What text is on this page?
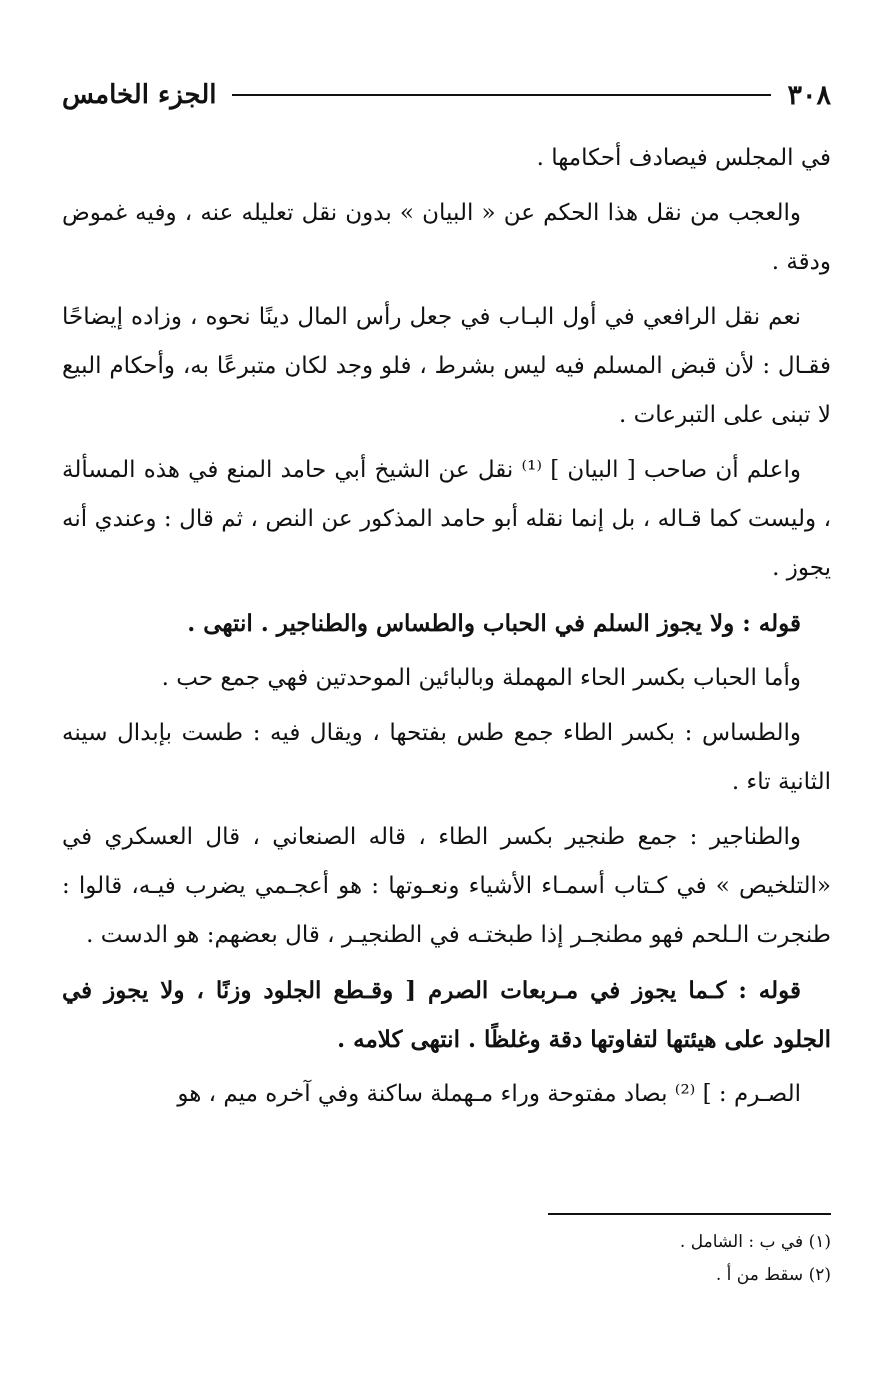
٣٠٨
الجزء الخامس

في المجلس فيصادف أحكامها .

والعجب من نقل هذا الحكم عن « البيان » بدون نقل تعليله عنه ، وفيه غموض ودقة .

نعم نقل الرافعي في أول البـاب في جعل رأس المال دينًا نحوه ، وزاده إيضاحًا فقـال : لأن قبض المسلم فيه ليس بشرط ، فلو وجد لكان متبرعًا به، وأحكام البيع لا تبنى على التبرعات .

واعلم أن صاحب [ البيان ] ⁽¹⁾ نقل عن الشيخ أبي حامد المنع في هذه المسألة ، وليست كما قـاله ، بل إنما نقله أبو حامد المذكور عن النص ، ثم قال : وعندي أنه يجوز .

قوله : ولا يجوز السلم في الحباب والطساس والطناجير . انتهى .

وأما الحباب بكسر الحاء المهملة وبالبائين الموحدتين فهي جمع حب .

والطساس : بكسر الطاء جمع طس بفتحها ، ويقال فيه : طست بإبدال سينه الثانية تاء .

والطناجير : جمع طنجير بكسر الطاء ، قاله الصنعاني ، قال العسكري في «التلخيص » في كـتاب أسمـاء الأشياء ونعـوتها : هو أعجـمي يضرب فيـه، قالوا : طنجرت الـلحم فهو مطنجـر إذا طبختـه في الطنجيـر ، قال بعضهم: هو الدست .

قوله : كـما يجوز في مـربعات الصرم [ وقـطع الجلود وزنًا ، ولا يجوز في الجلود على هيئتها لتفاوتها دقة وغلظًا . انتهى كلامه .

الصـرم : ] ⁽²⁾ بصاد مفتوحة وراء مـهملة ساكنة وفي آخره ميم ، هو

(١) في ب : الشامل .

(٢) سقط من أ .
